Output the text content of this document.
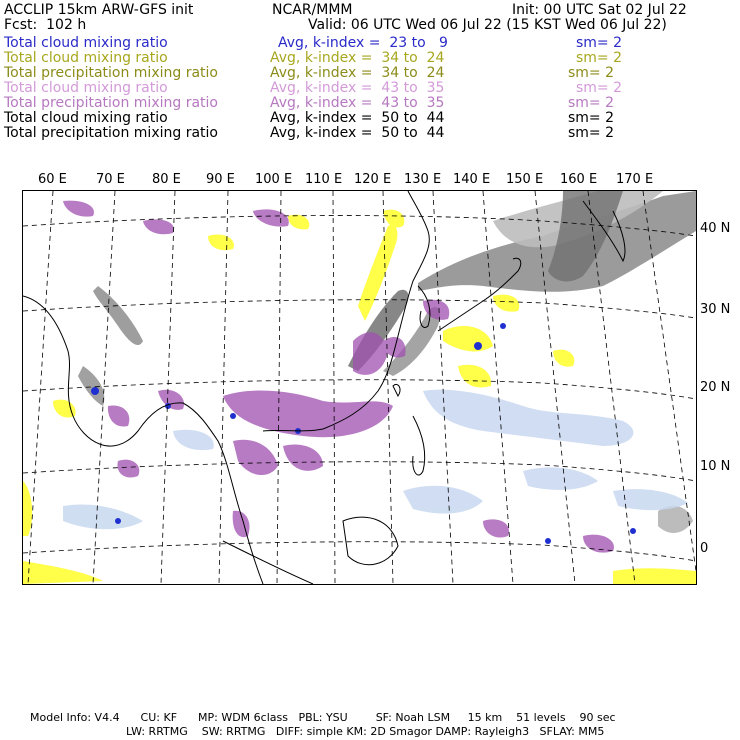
ACCLIP 15km ARW-GFS init	NCAR/MMM	Init: 00 UTC Sat 02 Jul 22
Fcst:  102 h	Valid: 06 UTC Wed 06 Jul 22 (15 KST Wed 06 Jul 22)
Total cloud mixing ratio	Avg, k-index =  23 to   9	sm= 2
Total cloud mixing ratio	Avg, k-index =  34 to  24	sm= 2
Total precipitation mixing ratio	Avg, k-index =  34 to  24	sm= 2
Total cloud mixing ratio	Avg, k-index =  43 to  35	sm= 2
Total precipitation mixing ratio	Avg, k-index =  43 to  35	sm= 2
Total cloud mixing ratio	Avg, k-index =  50 to  44	sm= 2
Total precipitation mixing ratio	Avg, k-index =  50 to  44	sm= 2
60 E 70 E 80 E 90 E 100 E 110 E 120 E 130 E 140 E 150 E 160 E 170 E
40 N
30 N
20 N
10 N
0
Model Info: V4.4      CU: KF      MP: WDM 6class   PBL: YSU        SF: Noah LSM     15 km    51 levels    90 sec
LW: RRTMG    SW: RRTMG   DIFF: simple KM: 2D Smagor DAMP: Rayleigh3   SFLAY: MM5
